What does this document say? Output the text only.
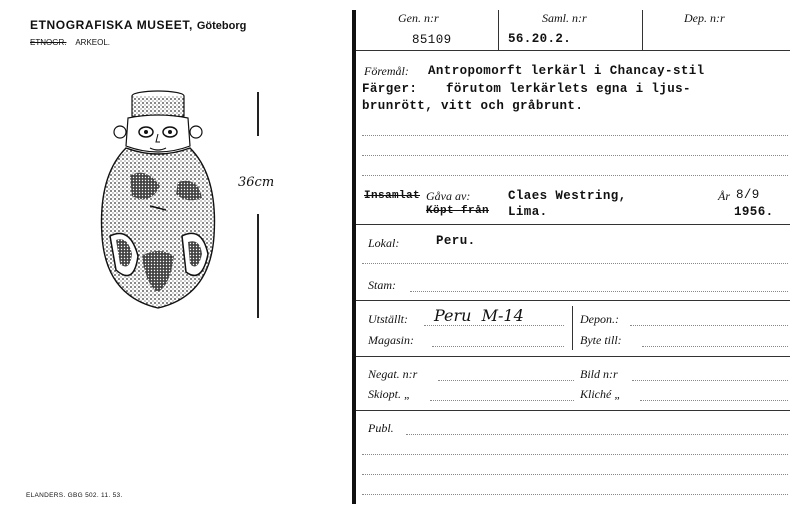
ETNOGRAFISKA MUSEET, Göteborg
ETNOGR. ARKEOL.
36cm
ELANDERS. GBG 502. 11. 53.
Gen. n:r
85109
Saml. n:r
56.20.2.
Dep. n:r
Föremål: Antropomorft lerkärl i Chancay-stil
Färger: förutom lerkärlets egna i ljus-
brunrött, vitt och gråbrunt.
Insamlat Gåva av:	Claes Westring,	År 8/9
Köpt från Lima.	1956.
Lokal:	Peru.
Stam:
Utställt: Peru  M-14	Depon.:
Magasin:	Byte till:
Negat. n:r	Bild n:r
Skiopt. „	Kliché „
Publ.
